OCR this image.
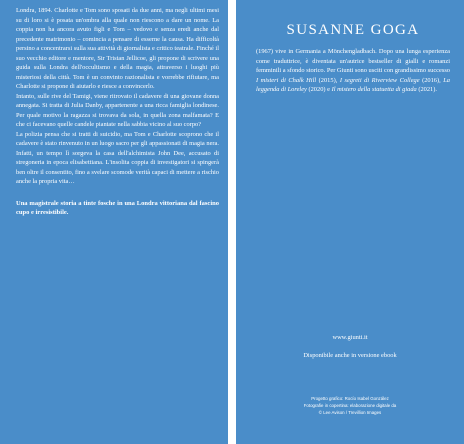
Londra, 1894. Charlotte e Tom sono sposati da due anni, ma negli ultimi mesi su di loro si è posata un'ombra alla quale non riescono a dare un nome. La coppia non ha ancora avuto figli e Tom – vedovo e senza eredi anche dal precedente matrimonio – comincia a pensare di esserne la causa. Ha difficoltà persino a concentrarsi sulla sua attività di giornalista e critico teatrale. Finché il suo vecchio editore e mentore, Sir Tristan Jellicoe, gli propone di scrivere una guida sulla Londra dell'occultismo e della magia, attraverso i luoghi più misteriosi della città. Tom è un convinto razionalista e vorrebbe rifiutare, ma Charlotte si propone di aiutarlo e riesce a convincerlo.

Intanto, sulle rive del Tamigi, viene ritrovato il cadavere di una giovane donna annegata. Si tratta di Julia Danby, appartenente a una ricca famiglia londinese. Per quale motivo la ragazza si trovava da sola, in quella zona malfamata? E che ci facevano quelle candele piantate nella sabbia vicino al suo corpo?

La polizia pensa che si tratti di suicidio, ma Tom e Charlotte scoprono che il cadavere è stato rinvenuto in un luogo sacro per gli appassionati di magia nera. Infatti, un tempo lì sorgeva la casa dell'alchimista John Dee, accusato di stregoneria in epoca elisabettiana. L'insolita coppia di investigatori si spingerà ben oltre il consentito, fino a svelare scomode verità capaci di mettere a rischio anche la propria vita…

Una magistrale storia a tinte fosche in una Londra vittoriana dal fascino cupo e irresistibile.

SUSANNE GOGA

(1967) vive in Germania a Mönchengladbach. Dopo una lunga esperienza come traduttrice, è diventata un'autrice bestseller di gialli e romanzi femminili a sfondo storico. Per Giunti sono usciti con grandissimo successo I misteri di Chalk Hill (2015), I segreti di Riverview College (2016), La leggenda di Loreley (2020) e Il mistero della statuetta di giada (2021).

www.giunti.it
Disponibile anche in versione ebook
Progetto grafico: Rocío Isabel González
Fotografie in copertina: elaborazione digitale da
© Lee Avison / Trevillion Images
